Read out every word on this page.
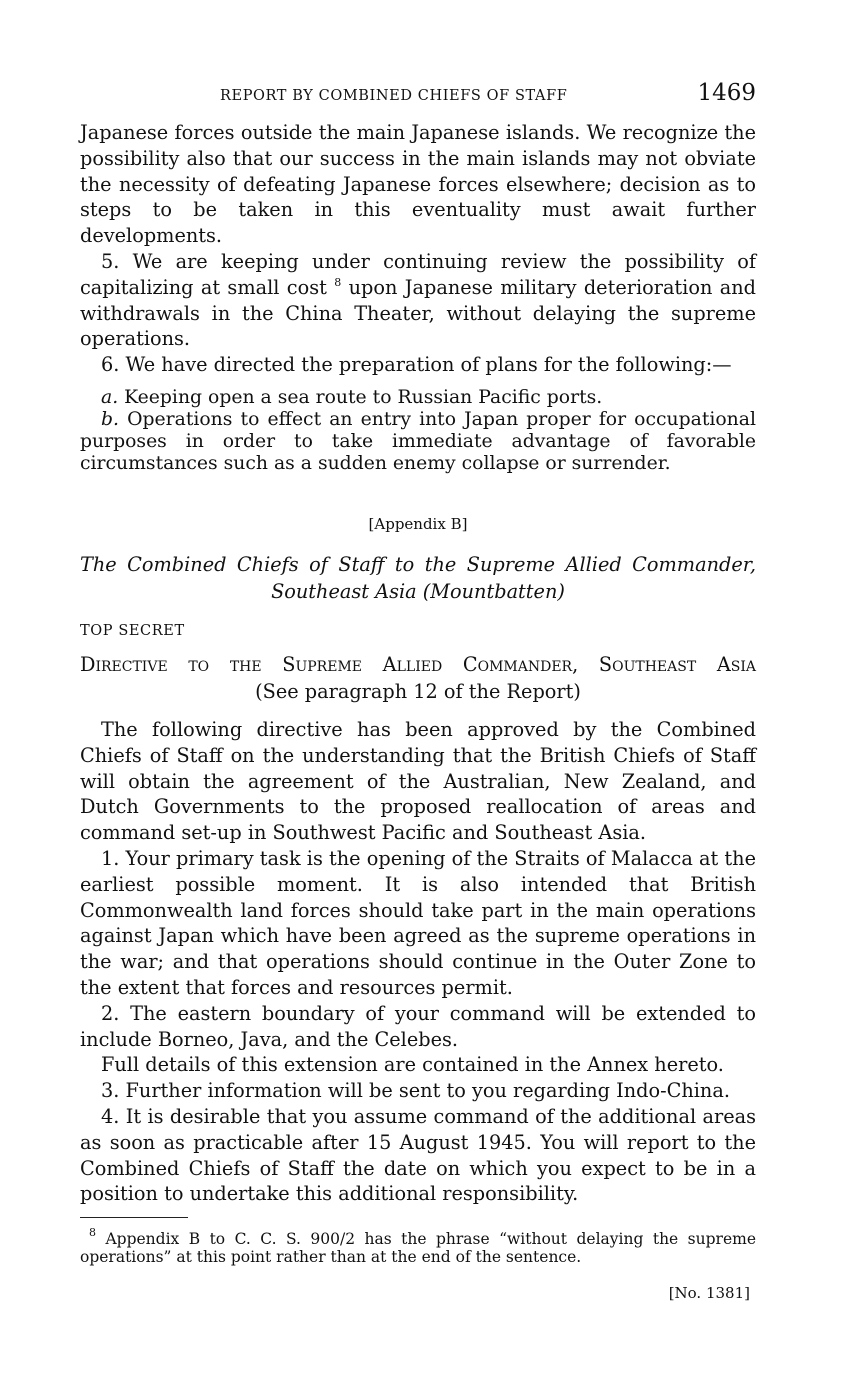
REPORT BY COMBINED CHIEFS OF STAFF	1469

Japanese forces outside the main Japanese islands. We recognize the possibility also that our success in the main islands may not obviate the necessity of defeating Japanese forces elsewhere; decision as to steps to be taken in this eventuality must await further developments.

5. We are keeping under continuing review the possibility of capitalizing at small cost $^8$ upon Japanese military deterioration and withdrawals in the China Theater, without delaying the supreme operations.

6. We have directed the preparation of plans for the following:—

a. Keeping open a sea route to Russian Pacific ports.

b. Operations to effect an entry into Japan proper for occupational purposes in order to take immediate advantage of favorable circumstances such as a sudden enemy collapse or surrender.

[Appendix B]
The Combined Chiefs of Staff to the Supreme Allied Commander,
Southeast Asia (Mountbatten)
TOP SECRET
Directive to the Supreme Allied Commander, Southeast Asia
(See paragraph 12 of the Report)

The following directive has been approved by the Combined Chiefs of Staff on the understanding that the British Chiefs of Staff will obtain the agreement of the Australian, New Zealand, and Dutch Governments to the proposed reallocation of areas and command set-up in Southwest Pacific and Southeast Asia.

1. Your primary task is the opening of the Straits of Malacca at the earliest possible moment. It is also intended that British Commonwealth land forces should take part in the main operations against Japan which have been agreed as the supreme operations in the war; and that operations should continue in the Outer Zone to the extent that forces and resources permit.

2. The eastern boundary of your command will be extended to include Borneo, Java, and the Celebes.

Full details of this extension are contained in the Annex hereto.

3. Further information will be sent to you regarding Indo-China.

4. It is desirable that you assume command of the additional areas as soon as practicable after 15 August 1945. You will report to the Combined Chiefs of Staff the date on which you expect to be in a position to undertake this additional responsibility.

$^8$ Appendix B to C. C. S. 900/2 has the phrase “without delaying the supreme operations” at this point rather than at the end of the sentence.

[No. 1381]
